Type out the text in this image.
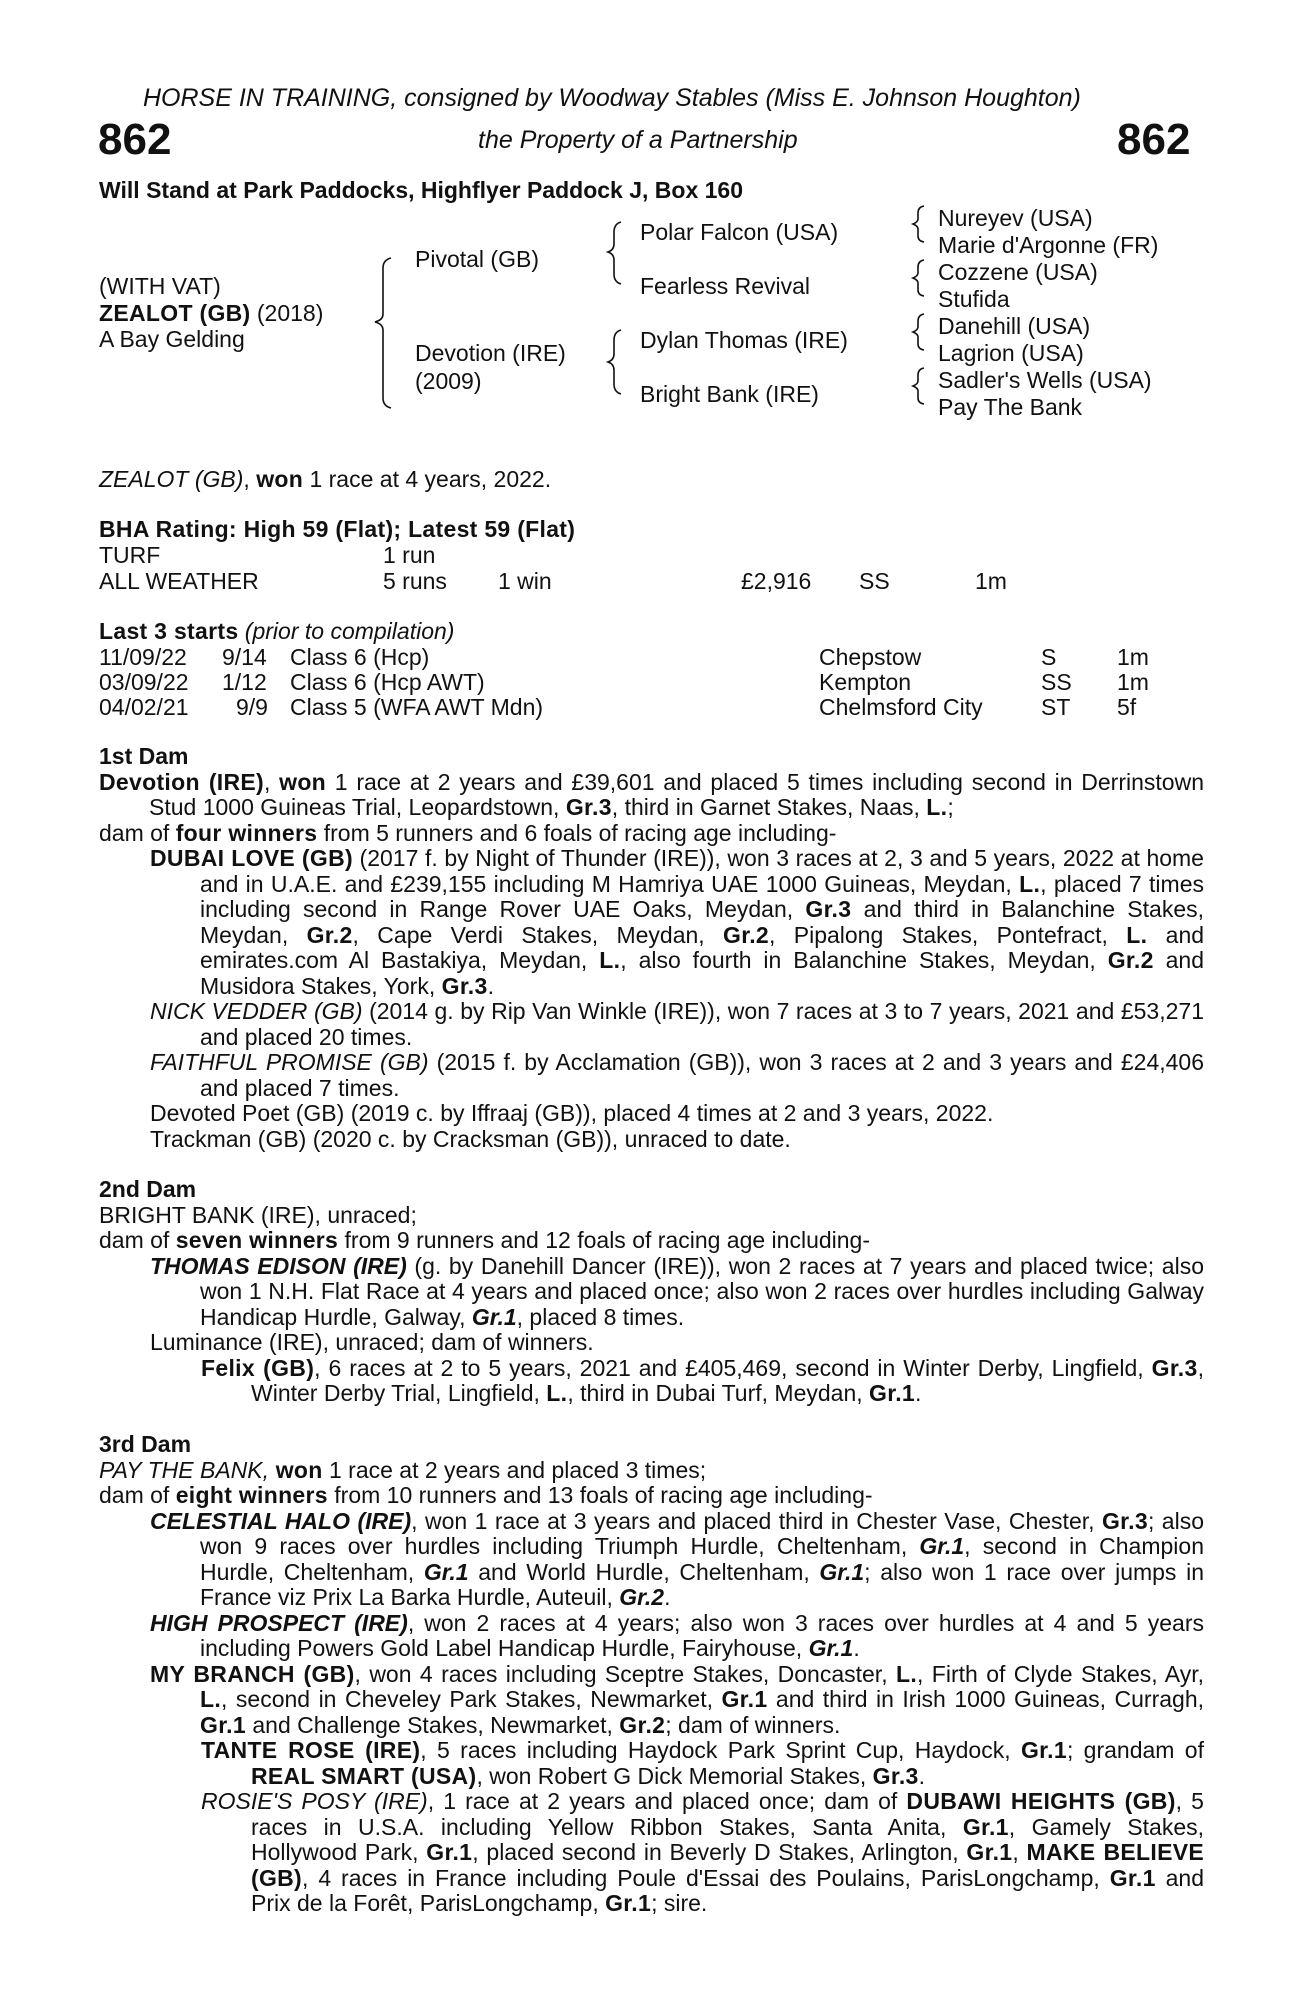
HORSE IN TRAINING, consigned by Woodway Stables (Miss E. Johnson Houghton)
862	the Property of a Partnership	862
Will Stand at Park Paddocks, Highflyer Paddock J, Box 160
(WITH VAT)
ZEALOT (GB) (2018)
A Bay Gelding
Pivotal (GB)
Devotion (IRE)
(2009)
Polar Falcon (USA)
Fearless Revival
Dylan Thomas (IRE)
Bright Bank (IRE)
Nureyev (USA)
Marie d'Argonne (FR)
Cozzene (USA)
Stufida
Danehill (USA)
Lagrion (USA)
Sadler's Wells (USA)
Pay The Bank
ZEALOT (GB), won 1 race at 4 years, 2022.
BHA Rating: High 59 (Flat); Latest 59 (Flat)
TURF	1 run
ALL WEATHER	5 runs 1 win	£2,916 SS	1m
Last 3 starts (prior to compilation)
11/09/22 9/14 Class 6 (Hcp)	Chepstow	S	1m
03/09/22 1/12 Class 6 (Hcp AWT)	Kempton	SS 1m
04/02/21 9/9 Class 5 (WFA AWT Mdn)	Chelmsford City	ST 5f

1st Dam

Devotion (IRE), won 1 race at 2 years and £39,601 and placed 5 times including second in Derrinstown Stud 1000 Guineas Trial, Leopardstown, Gr.3, third in Garnet Stakes, Naas, L.;

dam of four winners from 5 runners and 6 foals of racing age including-

DUBAI LOVE (GB) (2017 f. by Night of Thunder (IRE)), won 3 races at 2, 3 and 5 years, 2022 at home and in U.A.E. and £239,155 including M Hamriya UAE 1000 Guineas, Meydan, L., placed 7 times including second in Range Rover UAE Oaks, Meydan, Gr.3 and third in Balanchine Stakes, Meydan, Gr.2, Cape Verdi Stakes, Meydan, Gr.2, Pipalong Stakes, Pontefract, L. and emirates.com Al Bastakiya, Meydan, L., also fourth in Balanchine Stakes, Meydan, Gr.2 and Musidora Stakes, York, Gr.3.

NICK VEDDER (GB) (2014 g. by Rip Van Winkle (IRE)), won 7 races at 3 to 7 years, 2021 and £53,271 and placed 20 times.

FAITHFUL PROMISE (GB) (2015 f. by Acclamation (GB)), won 3 races at 2 and 3 years and £24,406 and placed 7 times.

Devoted Poet (GB) (2019 c. by Iffraaj (GB)), placed 4 times at 2 and 3 years, 2022.

Trackman (GB) (2020 c. by Cracksman (GB)), unraced to date.

2nd Dam

BRIGHT BANK (IRE), unraced;

dam of seven winners from 9 runners and 12 foals of racing age including-

THOMAS EDISON (IRE) (g. by Danehill Dancer (IRE)), won 2 races at 7 years and placed twice; also won 1 N.H. Flat Race at 4 years and placed once; also won 2 races over hurdles including Galway Handicap Hurdle, Galway, Gr.1, placed 8 times.

Luminance (IRE), unraced; dam of winners.

Felix (GB), 6 races at 2 to 5 years, 2021 and £405,469, second in Winter Derby, Lingfield, Gr.3, Winter Derby Trial, Lingfield, L., third in Dubai Turf, Meydan, Gr.1.

3rd Dam

PAY THE BANK, won 1 race at 2 years and placed 3 times;

dam of eight winners from 10 runners and 13 foals of racing age including-

CELESTIAL HALO (IRE), won 1 race at 3 years and placed third in Chester Vase, Chester, Gr.3; also won 9 races over hurdles including Triumph Hurdle, Cheltenham, Gr.1, second in Champion Hurdle, Cheltenham, Gr.1 and World Hurdle, Cheltenham, Gr.1; also won 1 race over jumps in France viz Prix La Barka Hurdle, Auteuil, Gr.2.

HIGH PROSPECT (IRE), won 2 races at 4 years; also won 3 races over hurdles at 4 and 5 years including Powers Gold Label Handicap Hurdle, Fairyhouse, Gr.1.

MY BRANCH (GB), won 4 races including Sceptre Stakes, Doncaster, L., Firth of Clyde Stakes, Ayr, L., second in Cheveley Park Stakes, Newmarket, Gr.1 and third in Irish 1000 Guineas, Curragh, Gr.1 and Challenge Stakes, Newmarket, Gr.2; dam of winners.

TANTE ROSE (IRE), 5 races including Haydock Park Sprint Cup, Haydock, Gr.1; grandam of REAL SMART (USA), won Robert G Dick Memorial Stakes, Gr.3.

ROSIE'S POSY (IRE), 1 race at 2 years and placed once; dam of DUBAWI HEIGHTS (GB), 5 races in U.S.A. including Yellow Ribbon Stakes, Santa Anita, Gr.1, Gamely Stakes, Hollywood Park, Gr.1, placed second in Beverly D Stakes, Arlington, Gr.1, MAKE BELIEVE (GB), 4 races in France including Poule d'Essai des Poulains, ParisLongchamp, Gr.1 and Prix de la Forêt, ParisLongchamp, Gr.1; sire.
